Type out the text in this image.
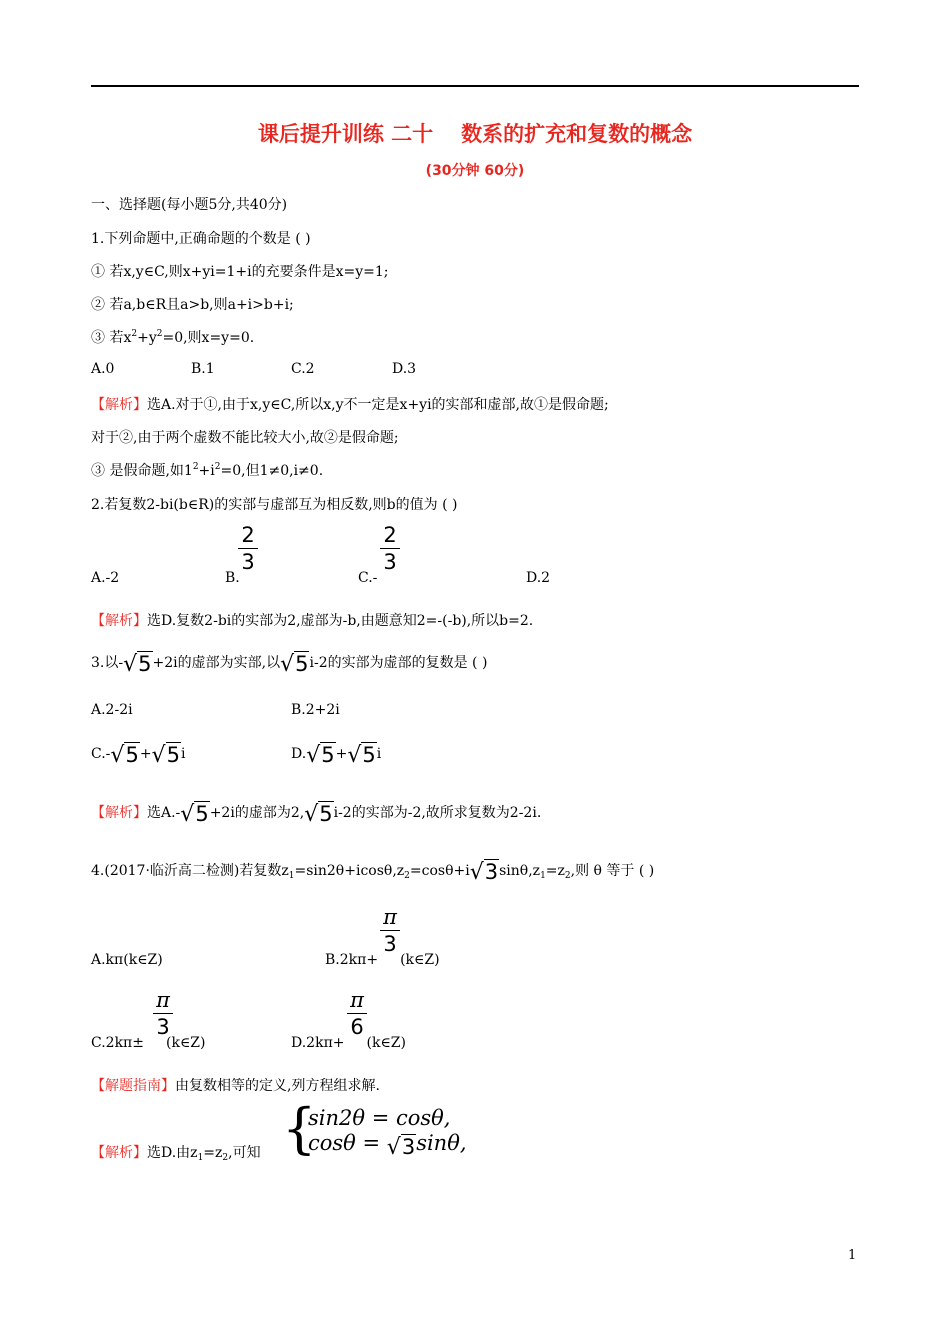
课后提升训练 二十 数系的扩充和复数的概念
(30分钟 60分)
一、选择题(每小题5分,共40分)
1.下列命题中,正确命题的个数是 ( )
① 若x,y∈C,则x+yi=1+i的充要条件是x=y=1;
② 若a,b∈R且a>b,则a+i>b+i;
③ 若$x^2+y^2=0$,则x=y=0.
A.0	B.1	C.2	D.3
【解析】选A.对于①,由于x,y∈C,所以x,y不一定是x+yi的实部和虚部,故①是假命题;
对于②,由于两个虚数不能比较大小,故②是假命题;
③ 是假命题,如$1^2+i^2=0$,但1≠0,i≠0.
2.若复数2-bi(b∈R)的实部与虚部互为相反数,则b的值为 ( )
A.-2	B.
2
3
C.-
2
3
D.2
【解析】选D.复数2-bi的实部为2,虚部为-b,由题意知2=-(-b),所以b=2.
3.以-√5+2i的虚部为实部,以√5i-2的实部为虚部的复数是 ( )
A.2-2i	B.2+2i
C.-√5+√5i	D.√5+√5i
【解析】选A.-√5+2i的虚部为2,√5i-2的实部为-2,故所求复数为2-2i.
4.(2017·临沂高二检测)若复数$z_1=\sin 2\theta+icos\theta,z_2=\cos\theta+i√3\sin\theta,z_1=z_2$,则 θ 等于 ( )
A.kπ(k∈Z)	B.2kπ+ (k∈Z)
π
3
C.2kπ± (k∈Z)
π
3
D.2kπ+ (k∈Z)
π
6
【解题指南】由复数相等的定义,列方程组求解.
【解析】选D.由$z_1=z_2$,可知 {
sin2θ = cosθ,
cosθ = √3sinθ,
1
